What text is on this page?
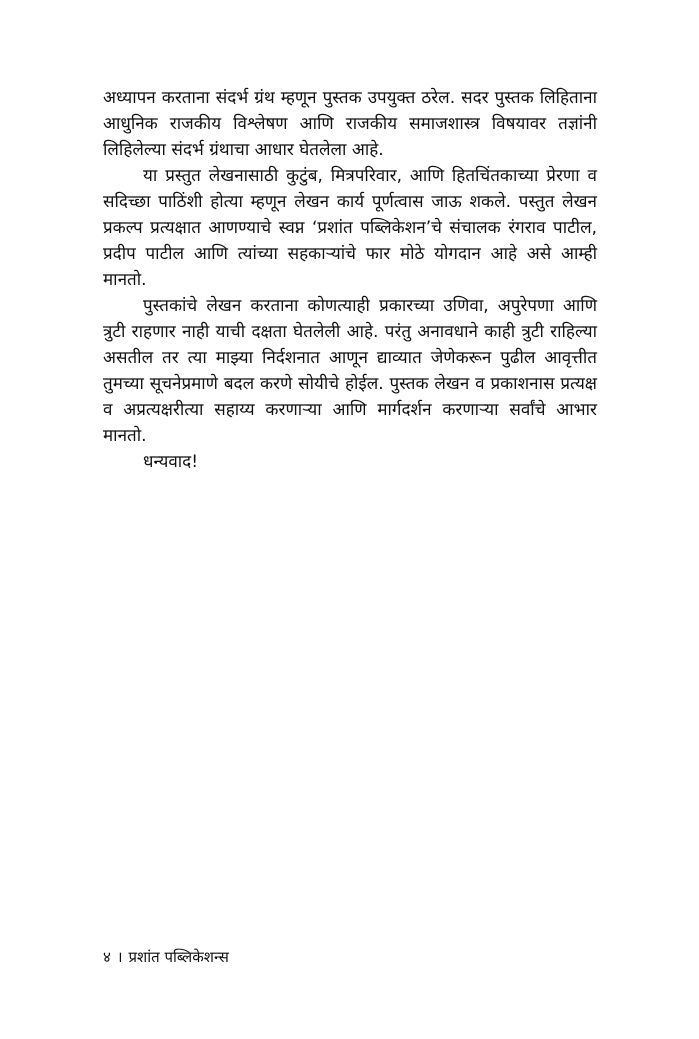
अध्यापन करताना संदर्भ ग्रंथ म्हणून पुस्तक उपयुक्त ठरेल. सदर पुस्तक लिहिताना आधुनिक राजकीय विश्लेषण आणि राजकीय समाजशास्त्र विषयावर तज्ञांनी लिहिलेल्या संदर्भ ग्रंथाचा आधार घेतलेला आहे.

या प्रस्तुत लेखनासाठी कुटुंब, मित्रपरिवार, आणि हितचिंतकाच्या प्रेरणा व सदिच्छा पाठिंशी होत्या म्हणून लेखन कार्य पूर्णत्वास जाऊ शकले. पस्तुत लेखन प्रकल्प प्रत्यक्षात आणण्याचे स्वप्न ‘प्रशांत पब्लिकेशन’चे संचालक रंगराव पाटील, प्रदीप पाटील आणि त्यांच्या सहकाऱ्यांचे फार मोठे योगदान आहे असे आम्ही मानतो.

पुस्तकांचे लेखन करताना कोणत्याही प्रकारच्या उणिवा, अपुरेपणा आणि त्रुटी राहणार नाही याची दक्षता घेतलेली आहे. परंतु अनावधाने काही त्रुटी राहिल्या असतील तर त्या माझ्या निर्दशनात आणून द्याव्यात जेणेकरून पुढील आवृत्तीत तुमच्या सूचनेप्रमाणे बदल करणे सोयीचे होईल. पुस्तक लेखन व प्रकाशनास प्रत्यक्ष व अप्रत्यक्षरीत्या सहाय्य करणाऱ्या आणि मार्गदर्शन करणाऱ्या सर्वांचे आभार मानतो.

धन्यवाद!

४ । प्रशांत पब्लिकेशन्स
